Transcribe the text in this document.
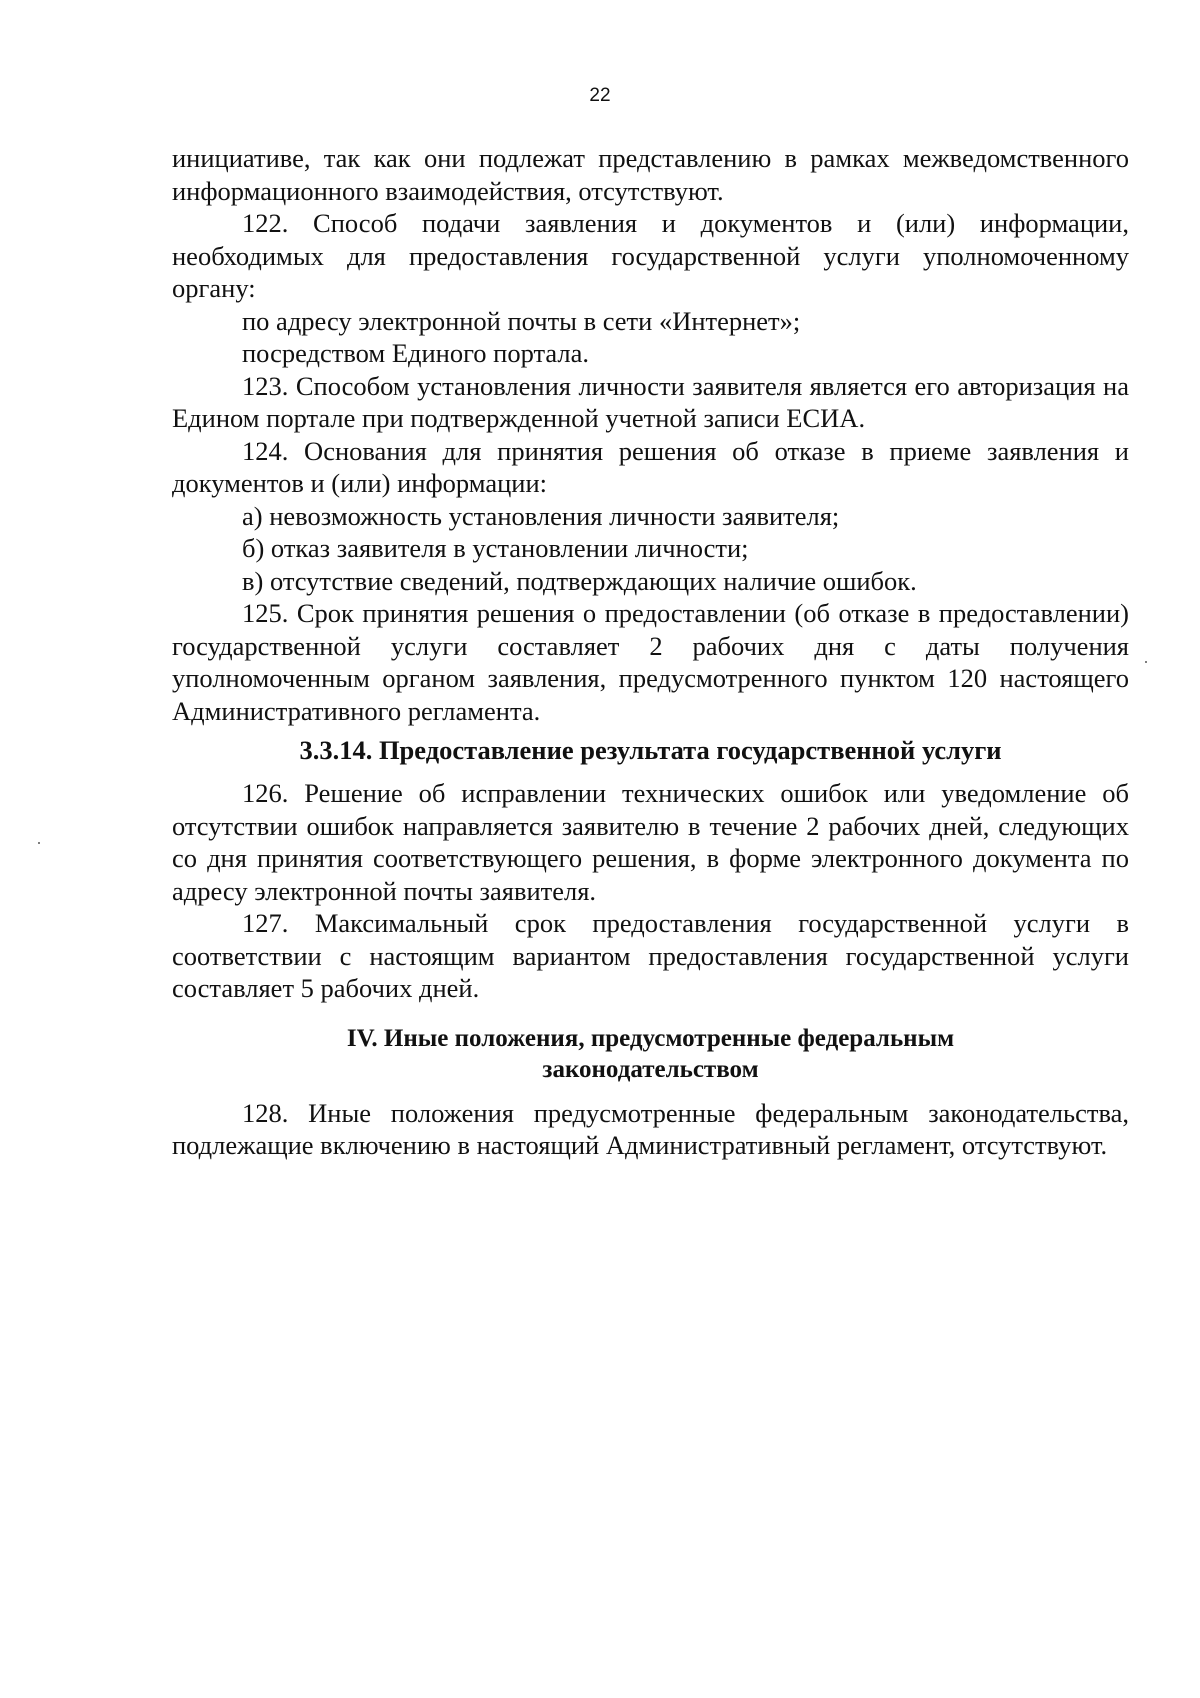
22

инициативе, так как они подлежат представлению в рамках межведомственного информационного взаимодействия, отсутствуют.

122. Способ подачи заявления и документов и (или) информации, необходимых для предоставления государственной услуги уполномоченному органу:

по адресу электронной почты в сети «Интернет»;

посредством Единого портала.

123. Способом установления личности заявителя является его авторизация на Едином портале при подтвержденной учетной записи ЕСИА.

124. Основания для принятия решения об отказе в приеме заявления и документов и (или) информации:

а) невозможность установления личности заявителя;

б) отказ заявителя в установлении личности;

в) отсутствие сведений, подтверждающих наличие ошибок.

125. Срок принятия решения о предоставлении (об отказе в предоставлении) государственной услуги составляет 2 рабочих дня с даты получения уполномоченным органом заявления, предусмотренного пунктом 120 настоящего Административного регламента.

3.3.14. Предоставление результата государственной услуги

126. Решение об исправлении технических ошибок или уведомление об отсутствии ошибок направляется заявителю в течение 2 рабочих дней, следующих со дня принятия соответствующего решения, в форме электронного документа по адресу электронной почты заявителя.

127. Максимальный срок предоставления государственной услуги в соответствии с настоящим вариантом предоставления государственной услуги составляет 5 рабочих дней.

IV. Иные положения, предусмотренные федеральным
законодательством

128. Иные положения предусмотренные федеральным законодательства, подлежащие включению в настоящий Административный регламент, отсутствуют.
